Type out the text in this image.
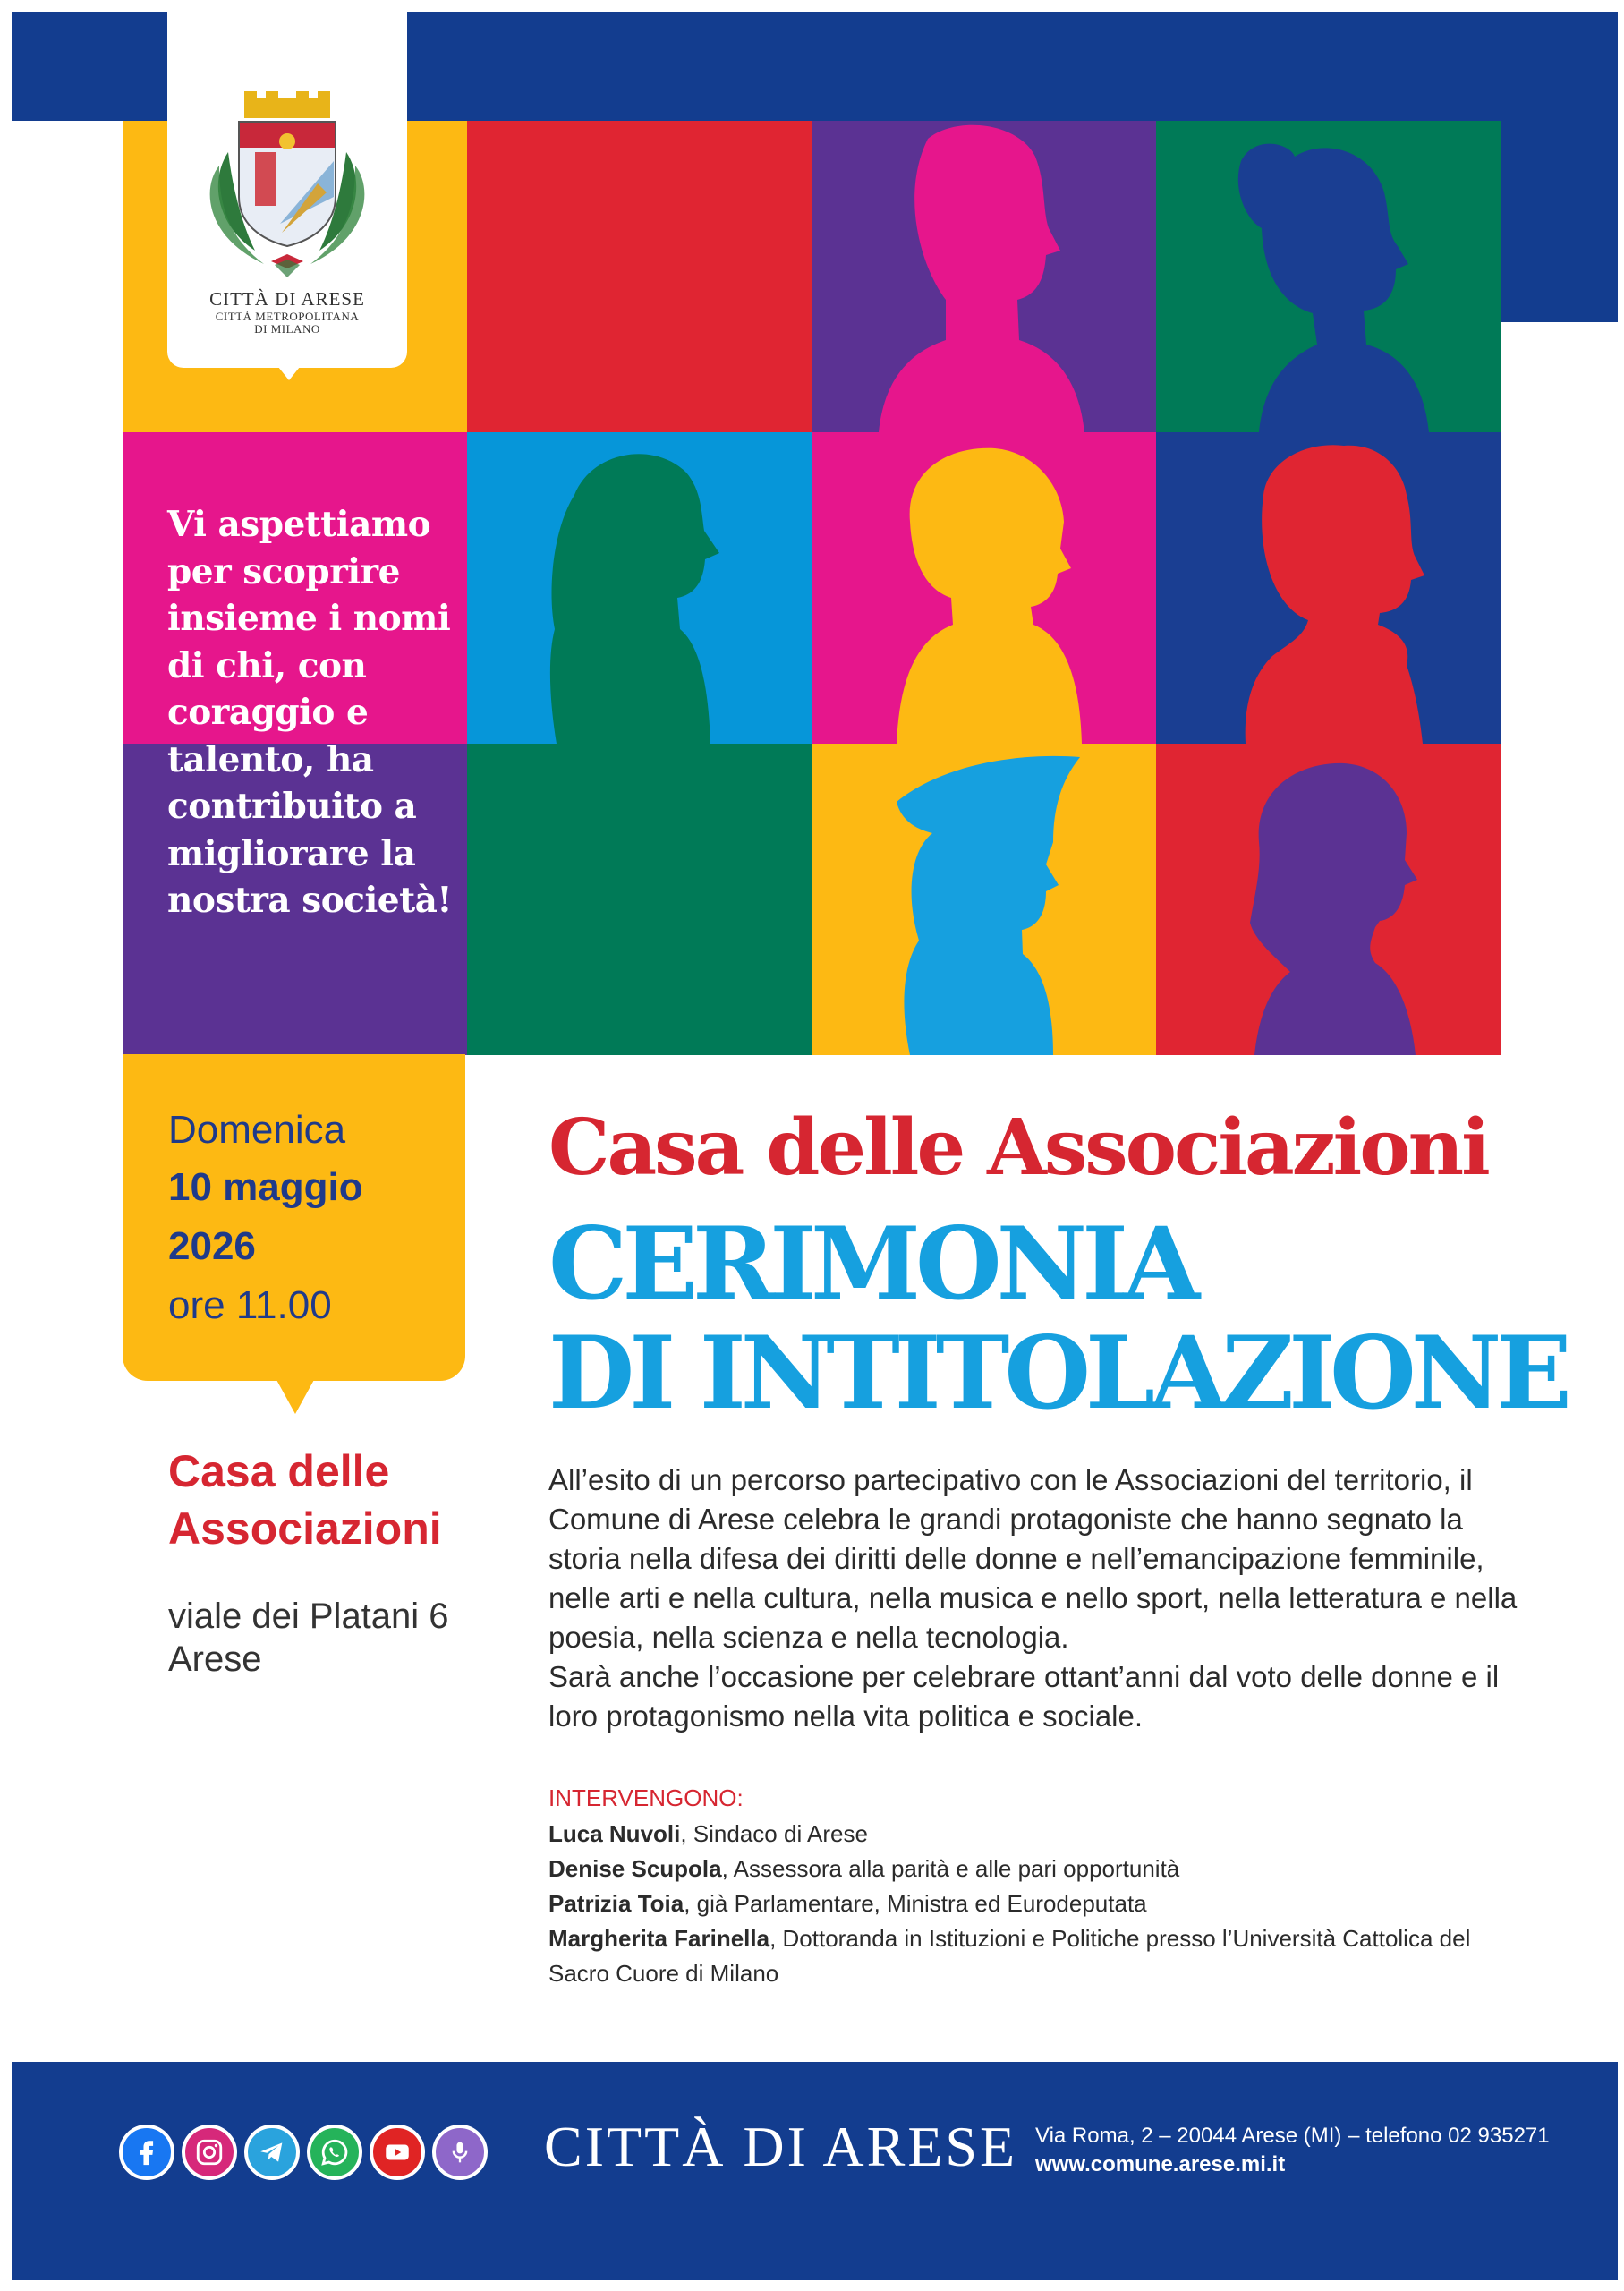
CITTÀ DI ARESE
CITTÀ METROPOLITANA
DI MILANO
Vi aspettiamo per scoprire insieme i nomi di chi, con coraggio e talento, ha contribuito a migliorare la nostra società!
Domenica
10 maggio
2026
ore 11.00
Casa delle Associazioni
viale dei Platani 6
Arese
Casa delle Associazioni
CERIMONIA
DI INTITOLAZIONE

All’esito di un percorso partecipativo con le Associazioni del territorio, il Comune di Arese celebra le grandi protagoniste che hanno segnato la storia nella difesa dei diritti delle donne e nell’emancipazione femminile, nelle arti e nella cultura, nella musica e nello sport, nella letteratura e nella poesia, nella scienza e nella tecnologia.

Sarà anche l’occasione per celebrare ottant’anni dal voto delle donne e il loro protagonismo nella vita politica e sociale.

INTERVENGONO:
Luca Nuvoli, Sindaco di Arese
Denise Scupola, Assessora alla parità e alle pari opportunità
Patrizia Toia, già Parlamentare, Ministra ed Eurodeputata
Margherita Farinella, Dottoranda in Istituzioni e Politiche presso l’Università Cattolica del Sacro Cuore di Milano
CITTÀ DI ARESE Via Roma, 2 – 20044 Arese (MI) – telefono 02 935271
www.comune.arese.mi.it
